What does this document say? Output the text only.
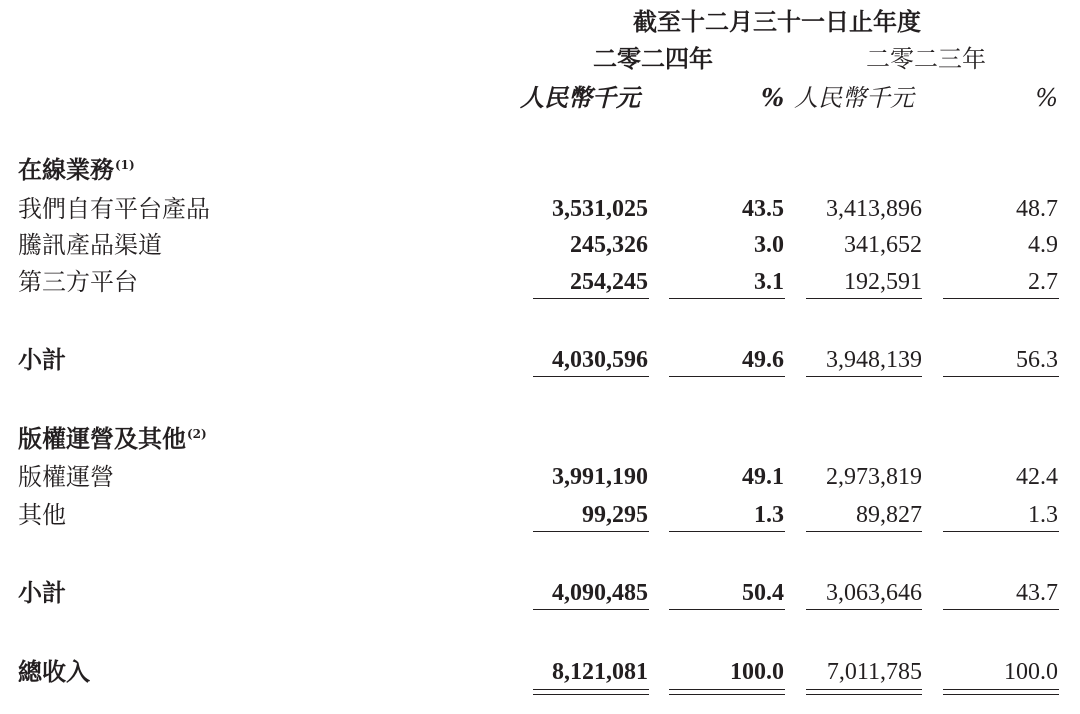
截至十二月三十一日止年度
二零二四年	二零二三年
人民幣千元	% 人民幣千元	%
在線業務$^{(1)}$
我們自有平台產品	3,531,025	43.5 3,413,896	48.7
騰訊產品渠道	245,326	3.0	341,652	4.9
第三方平台	254,245	3.1	192,591	2.7
小計	4,030,596	49.6 3,948,139	56.3
版權運營及其他$^{(2)}$
版權運營	3,991,190	49.1 2,973,819	42.4
其他	99,295	1.3	89,827	1.3
小計	4,090,485	50.4 3,063,646	43.7
總收入	8,121,081	100.0 7,011,785	100.0
